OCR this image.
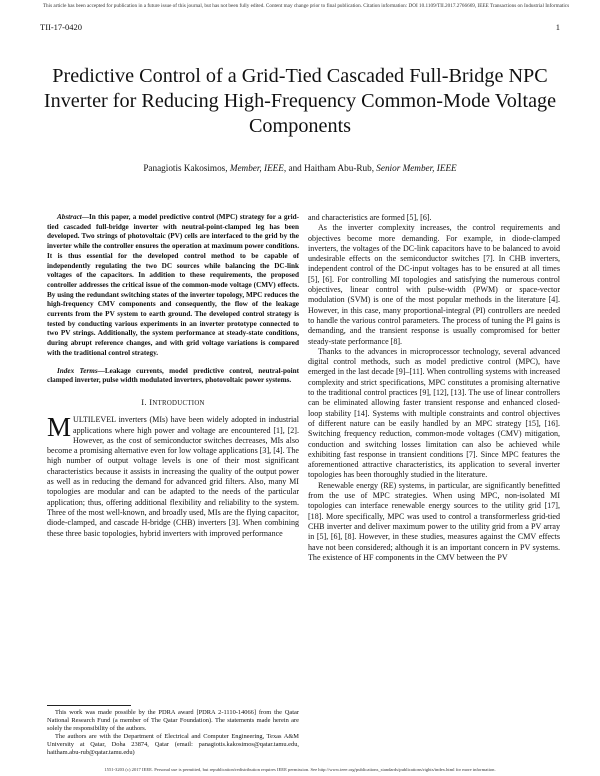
This article has been accepted for publication in a future issue of this journal, but has not been fully edited. Content may change prior to final publication. Citation information: DOI 10.1109/TII.2017.2766669, IEEE Transactions on Industrial Informatics
TII-17-0420	1
Predictive Control of a Grid-Tied Cascaded Full-Bridge NPC Inverter for Reducing High-Frequency Common-Mode Voltage Components
Panagiotis Kakosimos, Member, IEEE, and Haitham Abu-Rub, Senior Member, IEEE

Abstract—In this paper, a model predictive control (MPC) strategy for a grid-tied cascaded full-bridge inverter with neutral-point-clamped leg has been developed. Two strings of photovoltaic (PV) cells are interfaced to the grid by the inverter while the controller ensures the operation at maximum power conditions. It is thus essential for the developed control method to be capable of independently regulating the two DC sources while balancing the DC-link voltages of the capacitors. In addition to these requirements, the proposed controller addresses the critical issue of the common-mode voltage (CMV) effects. By using the redundant switching states of the inverter topology, MPC reduces the high-frequency CMV components and consequently, the flow of the leakage currents from the PV system to earth ground. The developed control strategy is tested by conducting various experiments in an inverter prototype connected to two PV strings. Additionally, the system performance at steady-state conditions, during abrupt reference changes, and with grid voltage variations is compared with the traditional control strategy.

Index Terms—Leakage currents, model predictive control, neutral-point clamped inverter, pulse width modulated inverters, photovoltaic power systems.

I. INTRODUCTION

MULTILEVEL inverters (MIs) have been widely adopted in industrial applications where high power and voltage are encountered [1], [2]. However, as the cost of semiconductor switches decreases, MIs also become a promising alternative even for low voltage applications [3], [4]. The high number of output voltage levels is one of their most significant characteristics because it assists in increasing the quality of the output power as well as in reducing the demand for advanced grid filters. Also, many MI topologies are modular and can be adapted to the needs of the particular application; thus, offering additional flexibility and reliability to the system. Three of the most well-known, and broadly used, MIs are the flying capacitor, diode-clamped, and cascade H-bridge (CHB) inverters [3]. When combining these three basic topologies, hybrid inverters with improved performance

and characteristics are formed [5], [6].

As the inverter complexity increases, the control requirements and objectives become more demanding. For example, in diode-clamped inverters, the voltages of the DC-link capacitors have to be balanced to avoid undesirable effects on the semiconductor switches [7]. In CHB inverters, independent control of the DC-input voltages has to be ensured at all times [5], [6]. For controlling MI topologies and satisfying the numerous control objectives, linear control with pulse-width (PWM) or space-vector modulation (SVM) is one of the most popular methods in the literature [4]. However, in this case, many proportional-integral (PI) controllers are needed to handle the various control parameters. The process of tuning the PI gains is demanding, and the transient response is usually compromised for better steady-state performance [8].

Thanks to the advances in microprocessor technology, several advanced digital control methods, such as model predictive control (MPC), have emerged in the last decade [9]–[11]. When controlling systems with increased complexity and strict specifications, MPC constitutes a promising alternative to the traditional control practices [9], [12], [13]. The use of linear controllers can be eliminated allowing faster transient response and enhanced closed-loop stability [14]. Systems with multiple constraints and control objectives of different nature can be easily handled by an MPC strategy [15], [16]. Switching frequency reduction, common-mode voltages (CMV) mitigation, conduction and switching losses limitation can also be achieved while exhibiting fast response in transient conditions [7]. Since MPC features the aforementioned attractive characteristics, its application to several inverter topologies has been thoroughly studied in the literature.

Renewable energy (RE) systems, in particular, are significantly benefitted from the use of MPC strategies. When using MPC, non-isolated MI topologies can interface renewable energy sources to the utility grid [17], [18]. More specifically, MPC was used to control a transformerless grid-tied CHB inverter and deliver maximum power to the utility grid from a PV array in [5], [6], [8]. However, in these studies, measures against the CMV effects have not been considered; although it is an important concern in PV systems. The existence of HF components in the CMV between the PV

This work was made possible by the PDRA award [PDRA 2-1110-14066] from the Qatar National Research Fund (a member of The Qatar Foundation). The statements made herein are solely the responsibility of the authors.

The authors are with the Department of Electrical and Computer Engineering, Texas A&M University at Qatar, Doha 23874, Qatar (email: panagiotis.kakosimos@qatar.tamu.edu, haitham.abu-rub@qatar.tamu.edu)

1551-3203 (c) 2017 IEEE. Personal use is permitted, but republication/redistribution requires IEEE permission. See http://www.ieee.org/publications_standards/publications/rights/index.html for more information.
